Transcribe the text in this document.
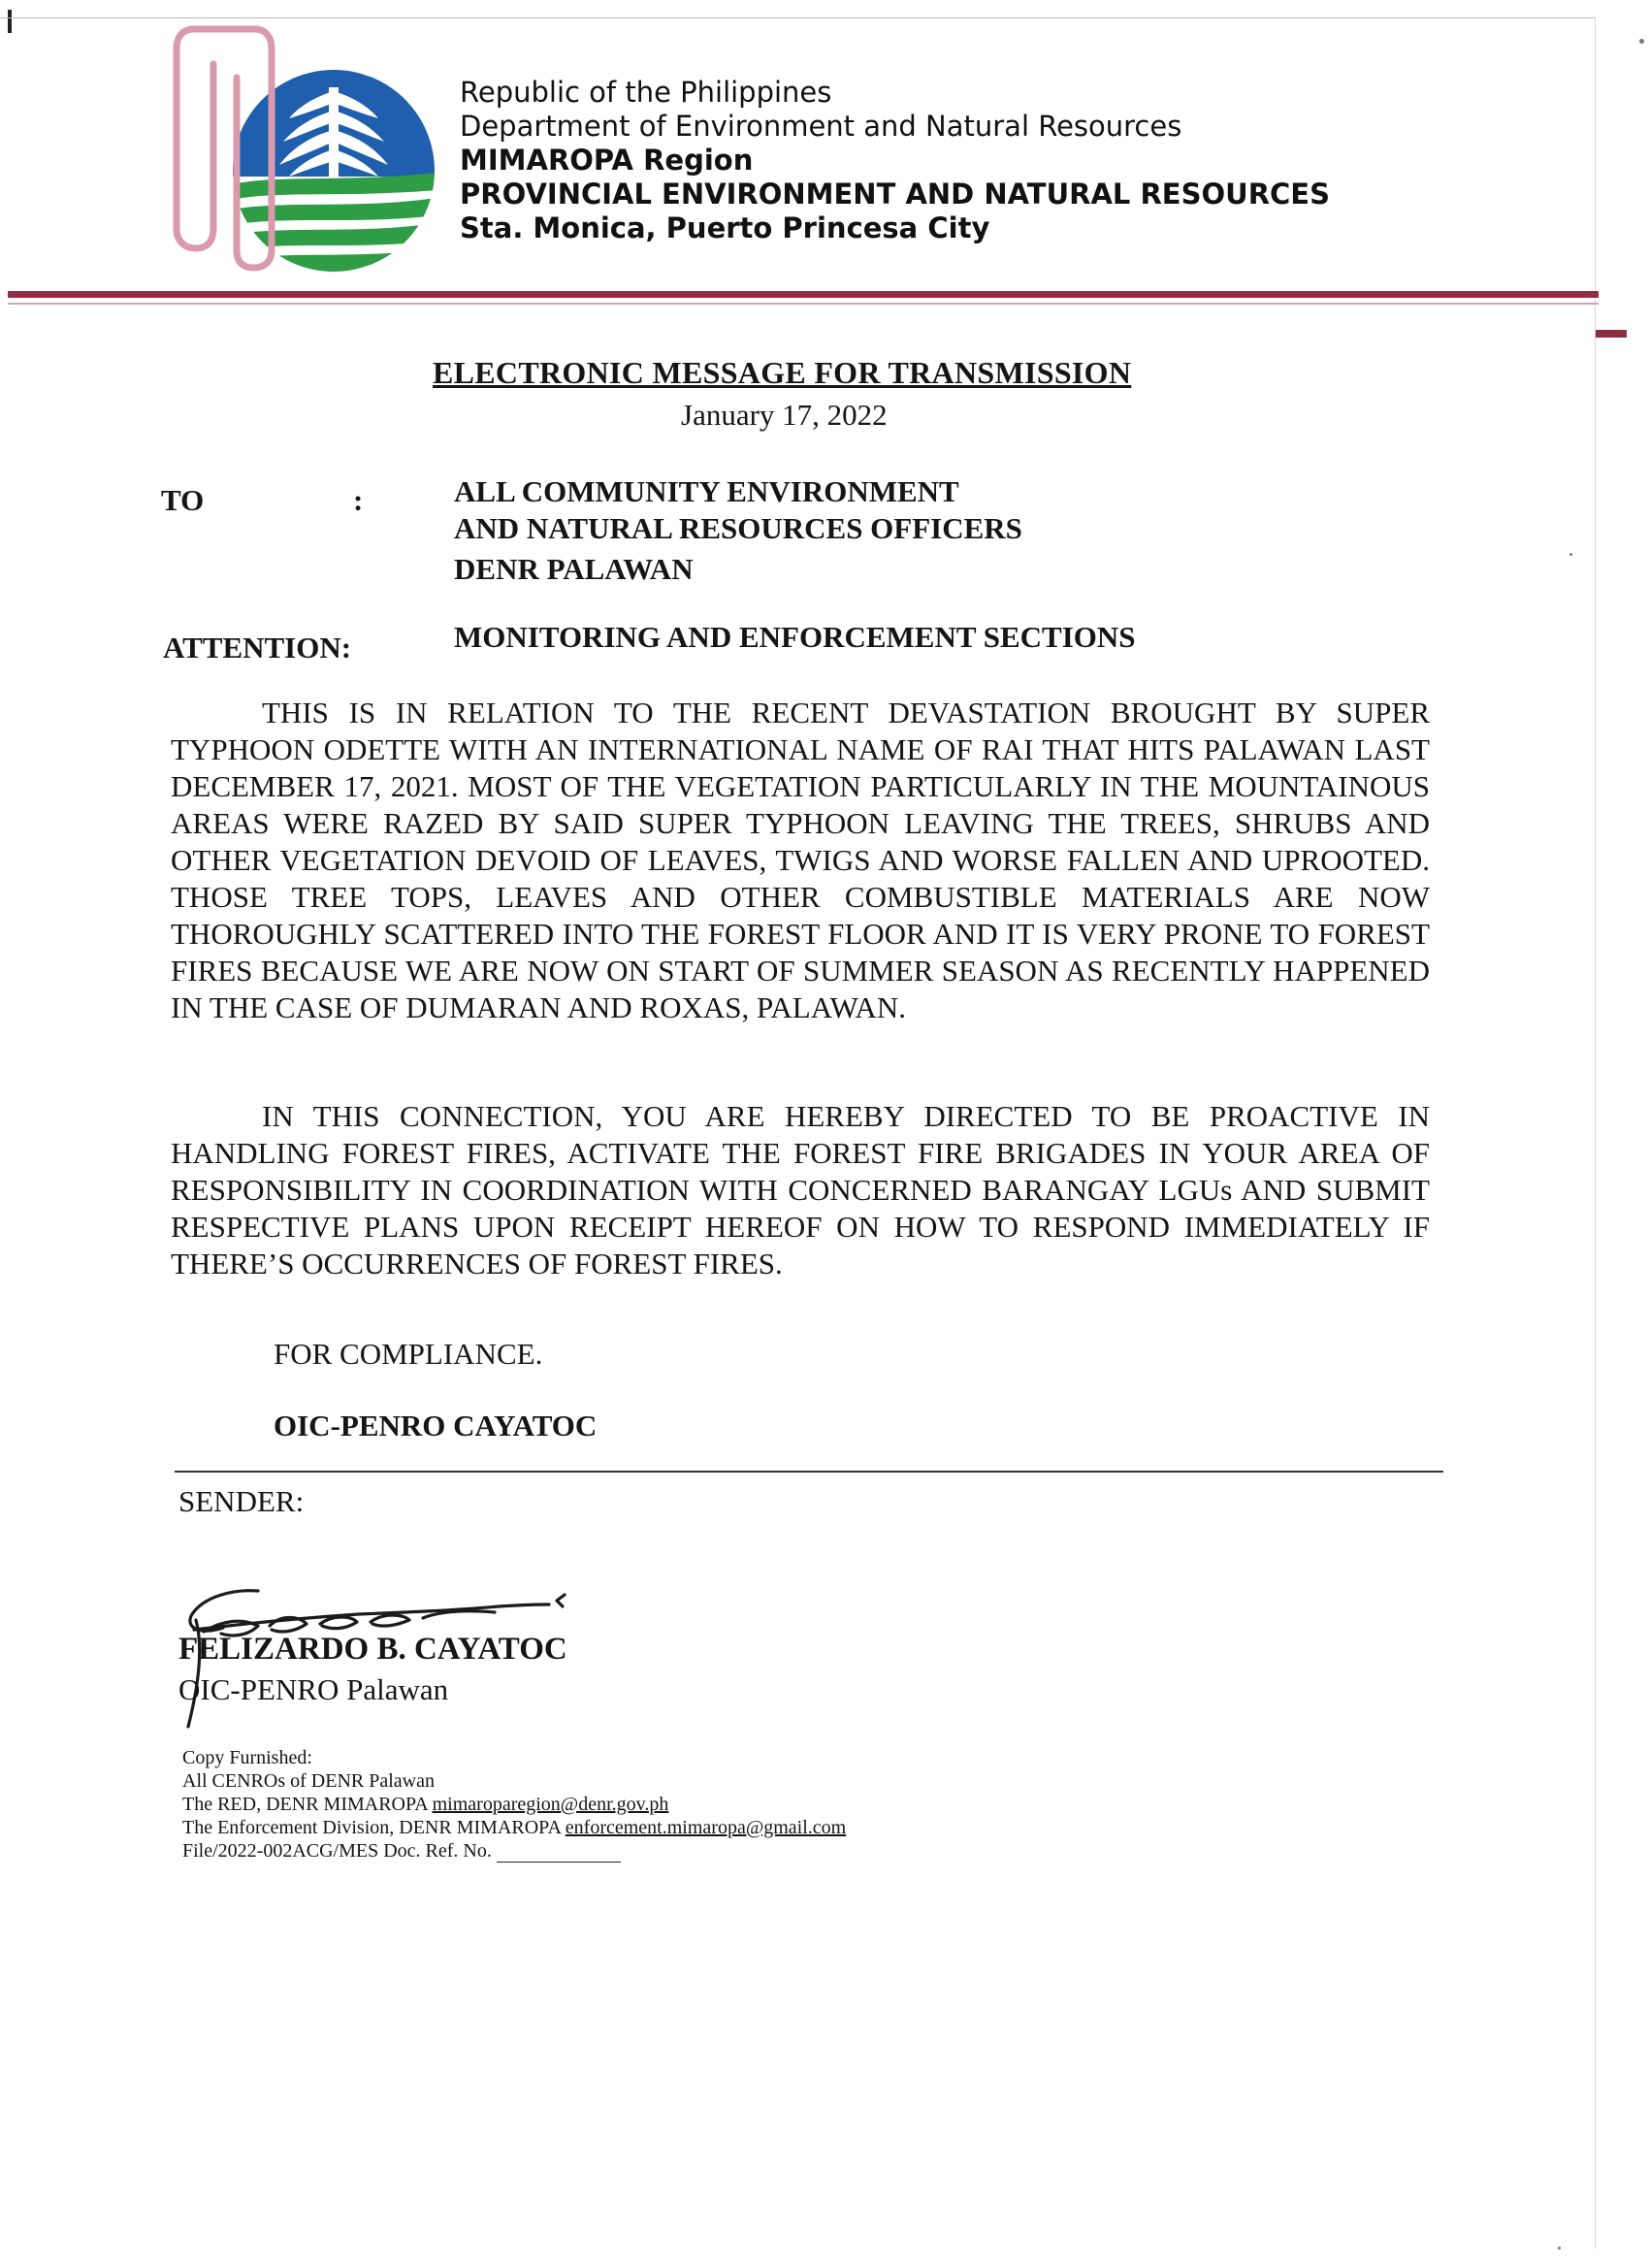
Republic of the Philippines
Department of Environment and Natural Resources
MIMAROPA Region
PROVINCIAL ENVIRONMENT AND NATURAL RESOURCES
Sta. Monica, Puerto Princesa City
ELECTRONIC MESSAGE FOR TRANSMISSION
January 17, 2022
TO	:	ALL COMMUNITY ENVIRONMENT
AND NATURAL RESOURCES OFFICERS
DENR PALAWAN
ATTENTION:	MONITORING AND ENFORCEMENT SECTIONS
THIS IS IN RELATION TO THE RECENT DEVASTATION BROUGHT BY SUPER TYPHOON ODETTE WITH AN INTERNATIONAL NAME OF RAI THAT HITS PALAWAN LAST DECEMBER 17, 2021. MOST OF THE VEGETATION PARTICULARLY IN THE MOUNTAINOUS AREAS WERE RAZED BY SAID SUPER TYPHOON LEAVING THE TREES, SHRUBS AND OTHER VEGETATION DEVOID OF LEAVES, TWIGS AND WORSE FALLEN AND UPROOTED. THOSE TREE TOPS, LEAVES AND OTHER COMBUSTIBLE MATERIALS ARE NOW THOROUGHLY SCATTERED INTO THE FOREST FLOOR AND IT IS VERY PRONE TO FOREST FIRES BECAUSE WE ARE NOW ON START OF SUMMER SEASON AS RECENTLY HAPPENED IN THE CASE OF DUMARAN AND ROXAS, PALAWAN.
IN THIS CONNECTION, YOU ARE HEREBY DIRECTED TO BE PROACTIVE IN HANDLING FOREST FIRES, ACTIVATE THE FOREST FIRE BRIGADES IN YOUR AREA OF RESPONSIBILITY IN COORDINATION WITH CONCERNED BARANGAY LGUs AND SUBMIT RESPECTIVE PLANS UPON RECEIPT HEREOF ON HOW TO RESPOND IMMEDIATELY IF THERE’S OCCURRENCES OF FOREST FIRES.
FOR COMPLIANCE.
OIC-PENRO CAYATOC
SENDER:
FELIZARDO B. CAYATOC
OIC-PENRO Palawan
Copy Furnished:
All CENROs of DENR Palawan
The RED, DENR MIMAROPA mimaroparegion@denr.gov.ph
The Enforcement Division, DENR MIMAROPA enforcement.mimaropa@gmail.com
File/2022-002ACG/MES Doc. Ref. No.
